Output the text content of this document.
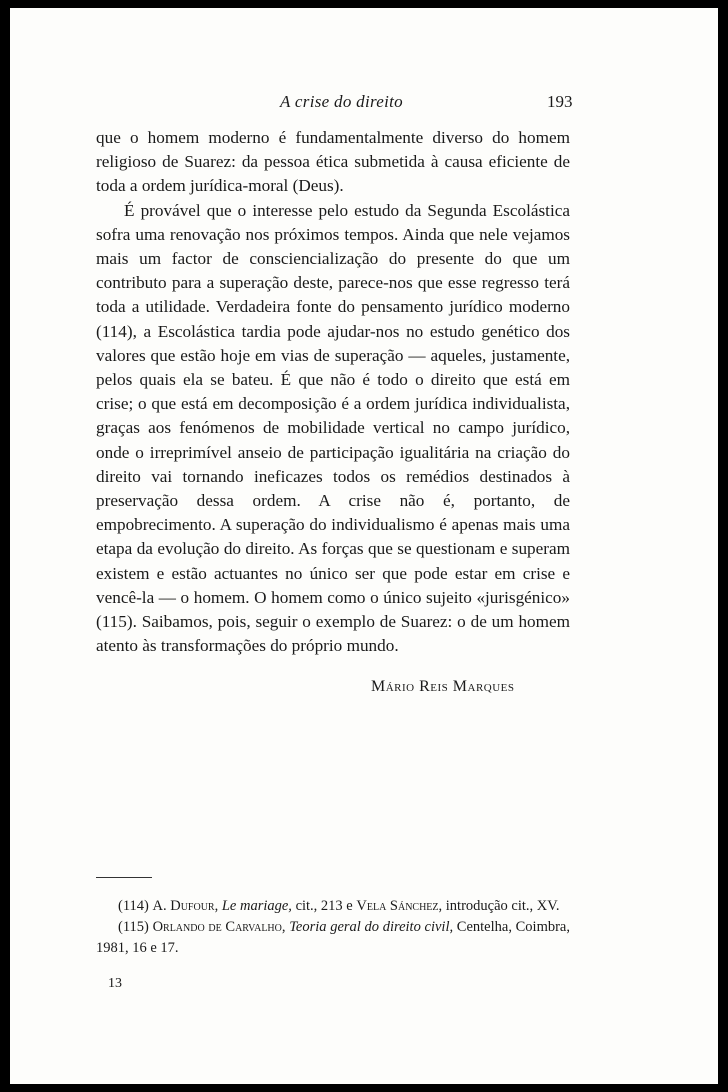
A crise do direito	193

que o homem moderno é fundamentalmente diverso do homem religioso de Suarez: da pessoa ética submetida à causa eficiente de toda a ordem jurídica-moral (Deus).

É provável que o interesse pelo estudo da Segunda Escolástica sofra uma renovação nos próximos tempos. Ainda que nele vejamos mais um factor de consciencialização do presente do que um contributo para a superação deste, parece-nos que esse regresso terá toda a utilidade. Verdadeira fonte do pensamento jurídico moderno (114), a Escolástica tardia pode ajudar-nos no estudo genético dos valores que estão hoje em vias de superação — aqueles, justamente, pelos quais ela se bateu. É que não é todo o direito que está em crise; o que está em decomposição é a ordem jurídica individualista, graças aos fenómenos de mobilidade vertical no campo jurídico, onde o irreprimível anseio de participação igualitária na criação do direito vai tornando ineficazes todos os remédios destinados à preservação dessa ordem. A crise não é, portanto, de empobrecimento. A superação do individualismo é apenas mais uma etapa da evolução do direito. As forças que se questionam e superam existem e estão actuantes no único ser que pode estar em crise e vencê-la — o homem. O homem como o único sujeito «jurisgénico» (115). Saibamos, pois, seguir o exemplo de Suarez: o de um homem atento às transformações do próprio mundo.

Mário Reis Marques

(114) A. Dufour, Le mariage, cit., 213 e Vela Sánchez, introdução cit., XV.

(115) Orlando de Carvalho, Teoria geral do direito civil, Centelha, Coimbra, 1981, 16 e 17.

13
